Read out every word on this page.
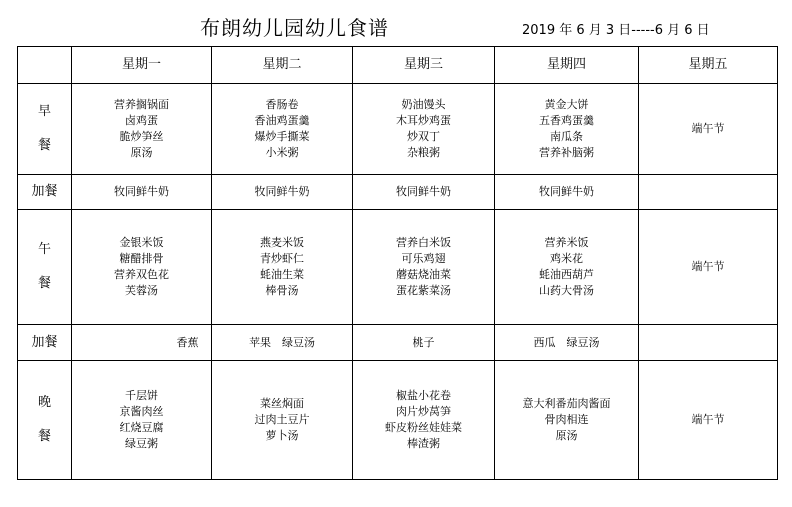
布朗幼儿园幼儿食谱	2019 年 6 月 3 日-----6 月 6 日
	星期一	星期二	星期三	星期四	星期五

早
餐	营养搁锅面
卤鸡蛋
脆炒笋丝
原汤	香肠卷
香油鸡蛋羹
爆炒手撕菜
小米粥	奶油馒头
木耳炒鸡蛋
炒双丁
杂粮粥	黄金大饼
五香鸡蛋羹
南瓜条
营养补脑粥	端午节

加餐	牧同鲜牛奶	牧同鲜牛奶	牧同鲜牛奶	牧同鲜牛奶	

午
餐	金银米饭
糖醋排骨
营养双色花
芙蓉汤	燕麦米饭
青炒虾仁
蚝油生菜
棒骨汤	营养白米饭
可乐鸡翅
蘑菇烧油菜
蛋花紫菜汤	营养米饭
鸡米花
蚝油西葫芦
山药大骨汤	端午节

加餐	香蕉	苹果　绿豆汤	桃子	西瓜　绿豆汤	

晚
餐	千层饼
京酱肉丝
红烧豆腐
绿豆粥	菜丝焖面
过肉土豆片
萝卜汤	椒盐小花卷
肉片炒莴笋
虾皮粉丝娃娃菜
棒渣粥	意大利番茄肉酱面
骨肉相连
原汤	端午节
